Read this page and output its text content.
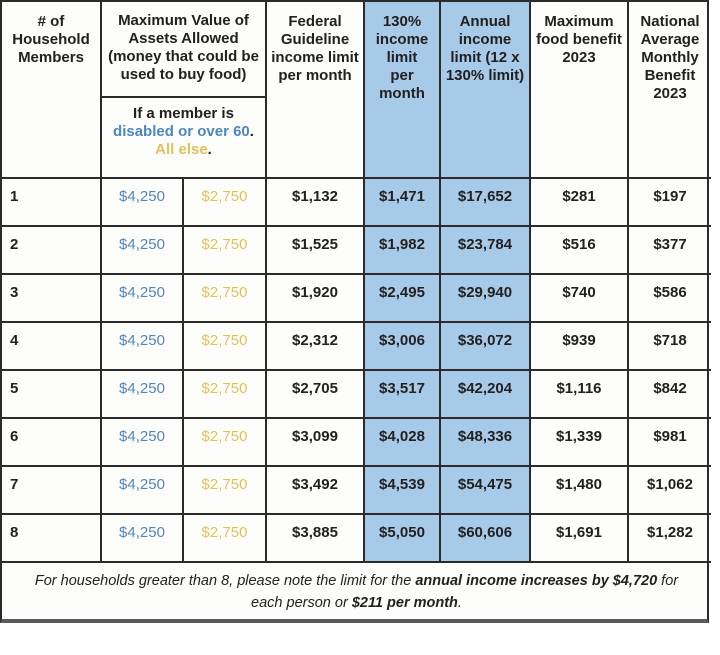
# of Household Members
Maximum Value of Assets Allowed (money that could be used to buy food)
If a member is
disabled or over 60.
All else.
Federal Guideline income limit per month
130% income limit per month
Annual income limit (12 x 130% limit)
Maximum food benefit 2023
National Average Monthly Benefit 2023
1	$4,250	$2,750	$1,132	$1,471	$17,652	$281	$197
2	$4,250	$2,750	$1,525	$1,982	$23,784	$516	$377
3	$4,250	$2,750	$1,920	$2,495	$29,940	$740	$586
4	$4,250	$2,750	$2,312	$3,006	$36,072	$939	$718
5	$4,250	$2,750	$2,705	$3,517	$42,204	$1,116	$842
6	$4,250	$2,750	$3,099	$4,028	$48,336	$1,339	$981
7	$4,250	$2,750	$3,492	$4,539	$54,475	$1,480	$1,062
8	$4,250	$2,750	$3,885	$5,050	$60,606	$1,691	$1,282
For households greater than 8, please note the limit for the annual income increases by $4,720 for each person or $211 per month.
